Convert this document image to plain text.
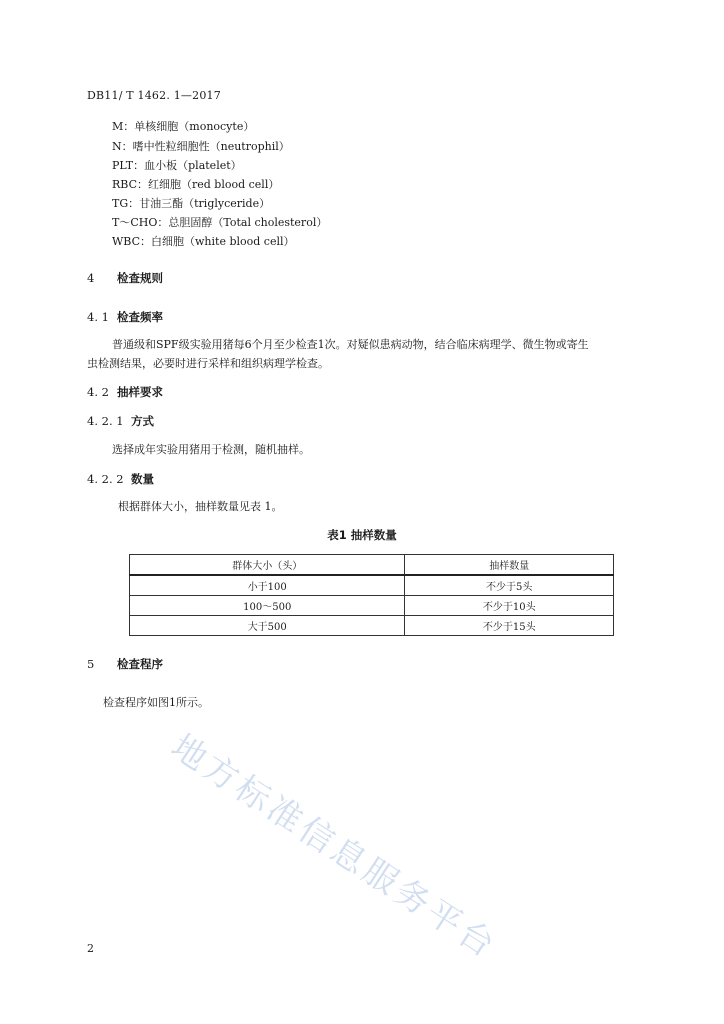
DB11/ T 1462. 1—2017
M：单核细胞（monocyte）
N：嗜中性粒细胞性（neutrophil）
PLT：血小板（platelet）
RBC：红细胞（red blood cell）
TG：甘油三酯（triglyceride）
T～CHO：总胆固醇（Total cholesterol）
WBC：白细胞（white blood cell）
4 检查规则
4. 1 检查频率
普通级和SPF级实验用猪每6个月至少检查1次。对疑似患病动物，结合临床病理学、微生物或寄生
虫检测结果，必要时进行采样和组织病理学检查。
4. 2 抽样要求
4. 2. 1 方式
选择成年实验用猪用于检测，随机抽样。
4. 2. 2 数量
根据群体大小，抽样数量见表 1。
表1 抽样数量
群体大小（头）	抽样数量
小于100	不少于5头
100～500	不少于10头
大于500	不少于15头
5 检查程序
检查程序如图1所示。
地方标准信息服务平台
2
